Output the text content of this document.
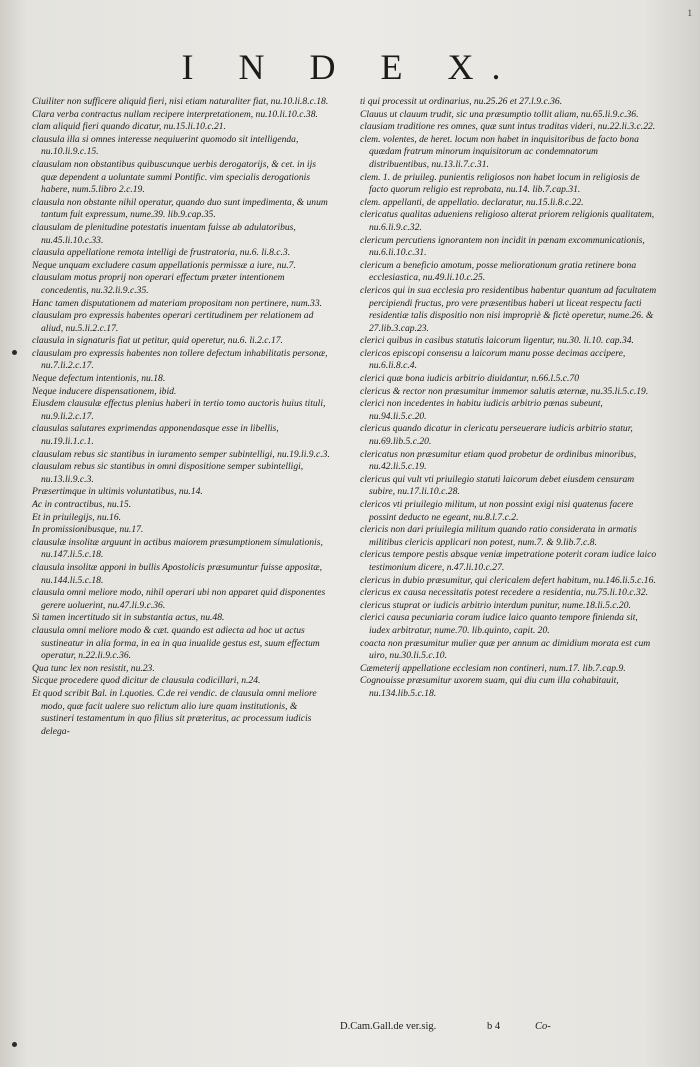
1
I N D E X.

Ciuiliter non sufficere aliquid fieri, nisi etiam naturaliter fiat, nu.10.li.8.c.18.

Clara verba contractus nullam recipere interpretationem, nu.10.li.10.c.38.

clam aliquid fieri quando dicatur, nu.15.li.10.c.21.

clausula illa si omnes interesse nequiuerint quomodo sit intelligenda, nu.10.li.9.c.15.

clausulam non obstantibus quibuscunque uerbis derogatorijs, & cet. in ijs quæ dependent a uoluntate summi Pontific. vim specialis derogationis habere, num.5.libro 2.c.19.

clausula non obstante nihil operatur, quando duo sunt impedimenta, & unum tantum fuit expressum, nume.39. lib.9.cap.35.

clausulam de plenitudine potestatis inuentam fuisse ab adulatoribus, nu.45.li.10.c.33.

clausula appellatione remota intelligi de frustratoria, nu.6. li.8.c.3.

Neque unquam excludere casum appellationis permissæ a iure, nu.7.

clausulam motus proprij non operari effectum præter intentionem concedentis, nu.32.li.9.c.35.

Hanc tamen disputationem ad materiam propositam non pertinere, num.33.

clausulam pro expressis habentes operari certitudinem per relationem ad aliud, nu.5.li.2.c.17.

clausula in signaturis fiat ut petitur, quid operetur, nu.6. li.2.c.17.

clausulam pro expressis habentes non tollere defectum inhabilitatis personæ, nu.7.li.2.c.17.

Neque defectum intentionis, nu.18.

Neque inducere dispensationem, ibid.

Eiusdem clausulæ effectus plenius haberi in tertio tomo auctoris huius tituli, nu.9.li.2.c.17.

clausulas salutares exprimendas apponendasque esse in libellis, nu.19.li.1.c.1.

clausulam rebus sic stantibus in iuramento semper subintelligi, nu.19.li.9.c.3.

clausulam rebus sic stantibus in omni dispositione semper subintelligi, nu.13.li.9.c.3.

Præsertimque in ultimis voluntatibus, nu.14.

Ac in contractibus, nu.15.

Et in priuilegijs, nu.16.

In promissionibusque, nu.17.

clausulæ insolitæ arguunt in actibus maiorem præsumptionem simulationis, nu.147.li.5.c.18.

clausula insolitæ apponi in bullis Apostolicis præsumuntur fuisse appositæ, nu.144.li.5.c.18.

clausula omni meliore modo, nihil operari ubi non apparet quid disponentes gerere uoluerint, nu.47.li.9.c.36.

Si tamen incertitudo sit in substantia actus, nu.48.

clausula omni meliore modo & cæt. quando est adiecta ad hoc ut actus sustineatur in alia forma, in ea in qua inualide gestus est, suum effectum operatur, n.22.li.9.c.36.

Qua tunc lex non resistit, nu.23.

Sicque procedere quod dicitur de clausula codicillari, n.24.

Et quod scribit Bal. in l.quoties. C.de rei vendic. de clausula omni meliore modo, quæ facit ualere suo relictum alio iure quam institutionis, & sustineri testamentum in quo filius sit præteritus, ac processum iudicis delega-

ti qui processit ut ordinarius, nu.25.26 et 27.l.9.c.36.

Clauus ut clauum trudit, sic una præsumptio tollit aliam, nu.65.li.9.c.36.

clausiam traditione res omnes, quæ sunt intus traditas videri, nu.22.li.3.c.22.

clem. volentes, de heret. locum non habet in inquisitoribus de facto bona quædam fratrum minorum inquisitorum ac condemnatorum distribuentibus, nu.13.li.7.c.31.

clem. 1. de priuileg. punientis religiosos non habet locum in religiosis de facto quorum religio est reprobata, nu.14. lib.7.cap.31.

clem. appellanti, de appellatio. declaratur, nu.15.li.8.c.22.

clericatus qualitas adueniens religioso alterat priorem religionis qualitatem, nu.6.li.9.c.32.

clericum percutiens ignorantem non incidit in pœnam excommunicationis, nu.6.li.10.c.31.

clericum a beneficio amotum, posse meliorationum gratia retinere bona ecclesiastica, nu.49.li.10.c.25.

clericos qui in sua ecclesia pro residentibus habentur quantum ad facultatem percipiendi fructus, pro vere præsentibus haberi ut liceat respectu facti residentiæ talis dispositio non nisi impropriè & fictè operetur, nume.26. & 27.lib.3.cap.23.

clerici quibus in casibus statutis laicorum ligentur, nu.30. li.10. cap.34.

clericos episcopi consensu a laicorum manu posse decimas accipere, nu.6.li.8.c.4.

clerici quæ bona iudicis arbitrio diuidantur, n.66.l.5.c.70

clericus & rector non præsumitur immemor salutis æternæ, nu.35.li.5.c.19.

clerici non incedentes in habitu iudicis arbitrio pœnas subeunt, nu.94.li.5.c.20.

clericus quando dicatur in clericatu perseuerare iudicis arbitrio statur, nu.69.lib.5.c.20.

clericatus non præsumitur etiam quod probetur de ordinibus minoribus, nu.42.li.5.c.19.

clericus qui vult vti priuilegio statuti laicorum debet eiusdem censuram subire, nu.17.li.10.c.28.

clericos vti priuilegio militum, ut non possint exigi nisi quatenus facere possint deducto ne egeant, nu.8.l.7.c.2.

clericis non dari priuilegia militum quando ratio considerata in armatis militibus clericis applicari non potest, num.7. & 9.lib.7.c.8.

clericus tempore pestis absque veniæ impetratione poterit coram iudice laico testimonium dicere, n.47.li.10.c.27.

clericus in dubio præsumitur, qui clericalem defert habitum, nu.146.li.5.c.16.

clericus ex causa necessitatis potest recedere a residentia, nu.75.li.10.c.32.

clericus stuprat or iudicis arbitrio interdum punitur, nume.18.li.5.c.20.

clerici causa pecuniaria coram iudice laico quanto tempore finienda sit, iudex arbitratur, nume.70. lib.quinto, capit. 20.

coacta non præsumitur mulier quæ per annum ac dimidium morata est cum uiro, nu.30.li.5.c.10.

Cæmeterij appellatione ecclesiam non contineri, num.17. lib.7.cap.9.

Cognouisse præsumitur uxorem suam, qui diu cum illa cohabitauit, nu.134.lib.5.c.18.

D.Cam.Gall.de ver.sig.	b 4	Co-
